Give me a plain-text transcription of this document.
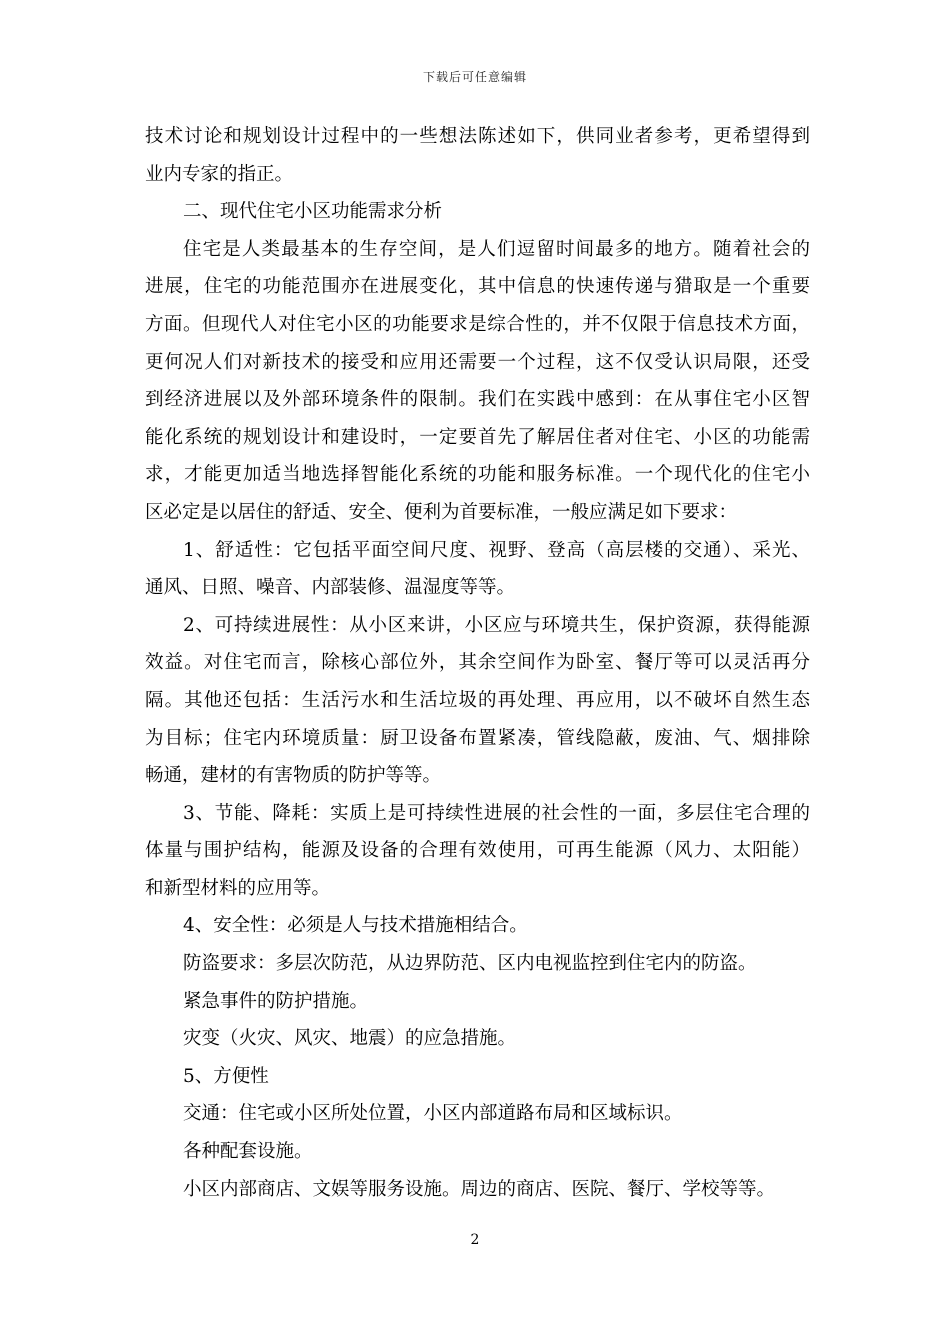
下载后可任意编辑
技术讨论和规划设计过程中的一些想法陈述如下，供同业者参考，更希望得到
业内专家的指正。
二、现代住宅小区功能需求分析
住宅是人类最基本的生存空间，是人们逗留时间最多的地方。随着社会的
进展，住宅的功能范围亦在进展变化，其中信息的快速传递与猎取是一个重要
方面。但现代人对住宅小区的功能要求是综合性的，并不仅限于信息技术方面，
更何况人们对新技术的接受和应用还需要一个过程，这不仅受认识局限，还受
到经济进展以及外部环境条件的限制。我们在实践中感到：在从事住宅小区智
能化系统的规划设计和建设时，一定要首先了解居住者对住宅、小区的功能需
求，才能更加适当地选择智能化系统的功能和服务标准。一个现代化的住宅小
区必定是以居住的舒适、安全、便利为首要标准，一般应满足如下要求：
1、舒适性：它包括平面空间尺度、视野、登高（高层楼的交通）、采光、
通风、日照、噪音、内部装修、温湿度等等。
2、可持续进展性：从小区来讲，小区应与环境共生，保护资源，获得能源
效益。对住宅而言，除核心部位外，其余空间作为卧室、餐厅等可以灵活再分
隔。其他还包括：生活污水和生活垃圾的再处理、再应用，以不破坏自然生态
为目标；住宅内环境质量：厨卫设备布置紧凑，管线隐蔽，废油、气、烟排除
畅通，建材的有害物质的防护等等。
3、节能、降耗：实质上是可持续性进展的社会性的一面，多层住宅合理的
体量与围护结构，能源及设备的合理有效使用，可再生能源（风力、太阳能）
和新型材料的应用等。
4、安全性：必须是人与技术措施相结合。
防盗要求：多层次防范，从边界防范、区内电视监控到住宅内的防盗。
紧急事件的防护措施。
灾变（火灾、风灾、地震）的应急措施。
5、方便性
交通：住宅或小区所处位置，小区内部道路布局和区域标识。
各种配套设施。
小区内部商店、文娱等服务设施。周边的商店、医院、餐厅、学校等等。
2
